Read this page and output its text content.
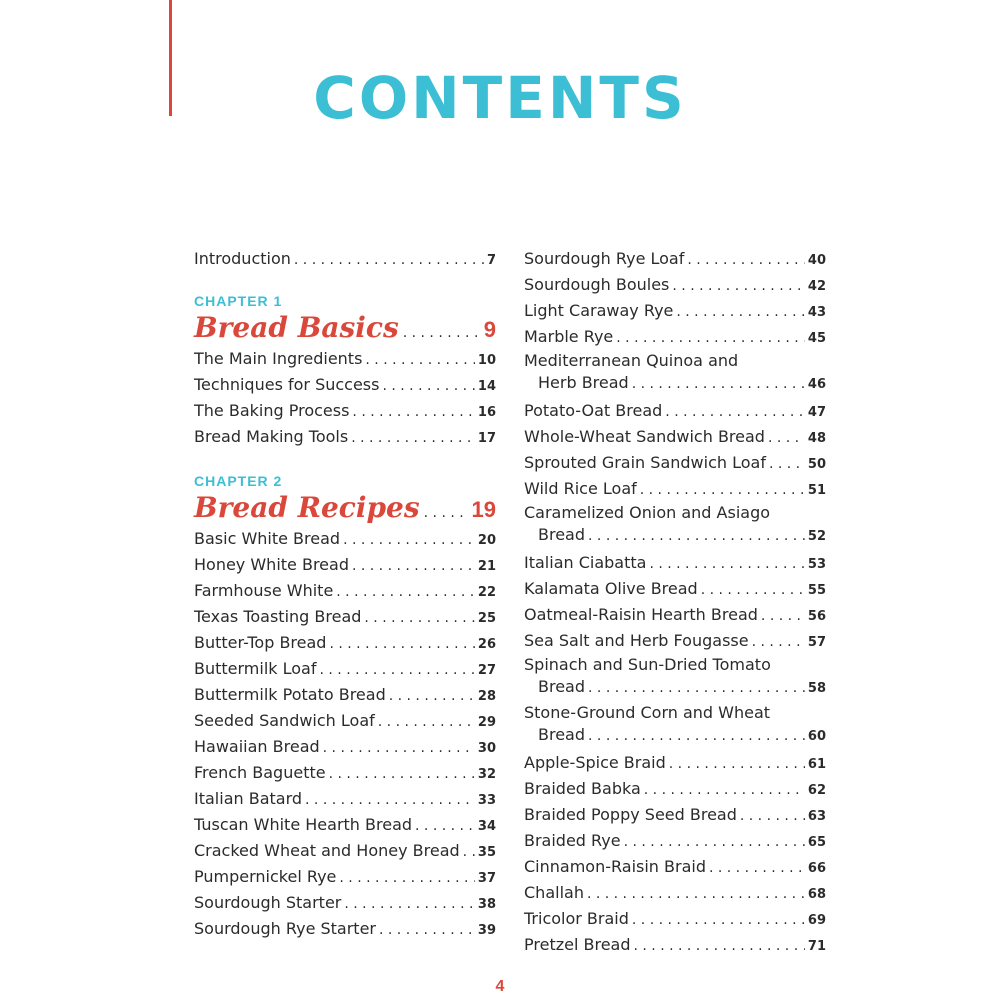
CONTENTS
Introduction . . .	7
CHAPTER 1
Bread Basics . . .	9
The Main Ingredients . . .	10
Techniques for Success . . .	14
The Baking Process . . .	16
Bread Making Tools . . .	17
CHAPTER 2
Bread Recipes . . . 19
Basic White Bread . . .	20
Honey White Bread . . .	21
Farmhouse White . . .	22
Texas Toasting Bread . . .	25
Butter-Top Bread . . .	26
Buttermilk Loaf . . .	27
Buttermilk Potato Bread . . .	28
Seeded Sandwich Loaf . . .	29
Hawaiian Bread . . .	30
French Baguette . . .	32
Italian Batard . . .	33
Tuscan White Hearth Bread . . .	34
Cracked Wheat and Honey Bread . . . 35
Pumpernickel Rye . . .	37
Sourdough Starter . . .	38
Sourdough Rye Starter . . .	39
Sourdough Rye Loaf . . .	40
Sourdough Boules . . .	42
Light Caraway Rye . . .	43
Marble Rye . . .	45
Mediterranean Quinoa and
Herb Bread . . .	46
Potato-Oat Bread . . .	47
Whole-Wheat Sandwich Bread . . .	48
Sprouted Grain Sandwich Loaf . . .	50
Wild Rice Loaf . . .	51
Caramelized Onion and Asiago
Bread . . .	52
Italian Ciabatta . . .	53
Kalamata Olive Bread . . .	55
Oatmeal-Raisin Hearth Bread . . .	56
Sea Salt and Herb Fougasse . . .	57
Spinach and Sun-Dried Tomato
Bread . . .	58
Stone-Ground Corn and Wheat
Bread . . .	60
Apple-Spice Braid . . .	61
Braided Babka . . .	62
Braided Poppy Seed Bread . . .	63
Braided Rye . . .	65
Cinnamon-Raisin Braid . . .	66
Challah . . .	68
Tricolor Braid . . .	69
Pretzel Bread . . .	71
4
